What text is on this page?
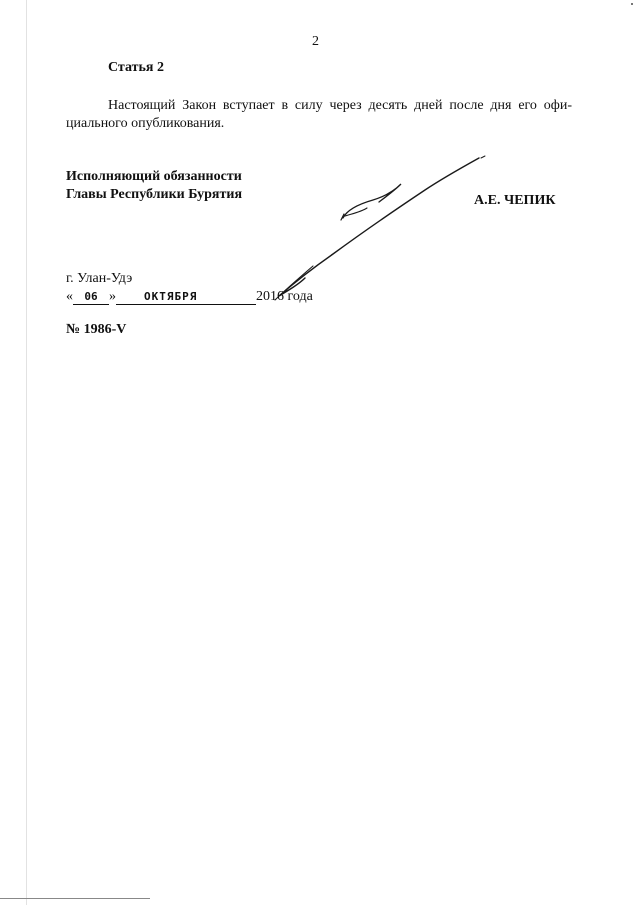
2
Статья 2
Настоящий Закон вступает в силу через десять дней после дня его офи-
циального опубликования.
Исполняющий обязанности
Главы Республики Бурятия	А.Е. ЧЕПИК
г. Улан-Удэ
« 06 »	ОКТЯБРЯ	2016 года
№ 1986-V
